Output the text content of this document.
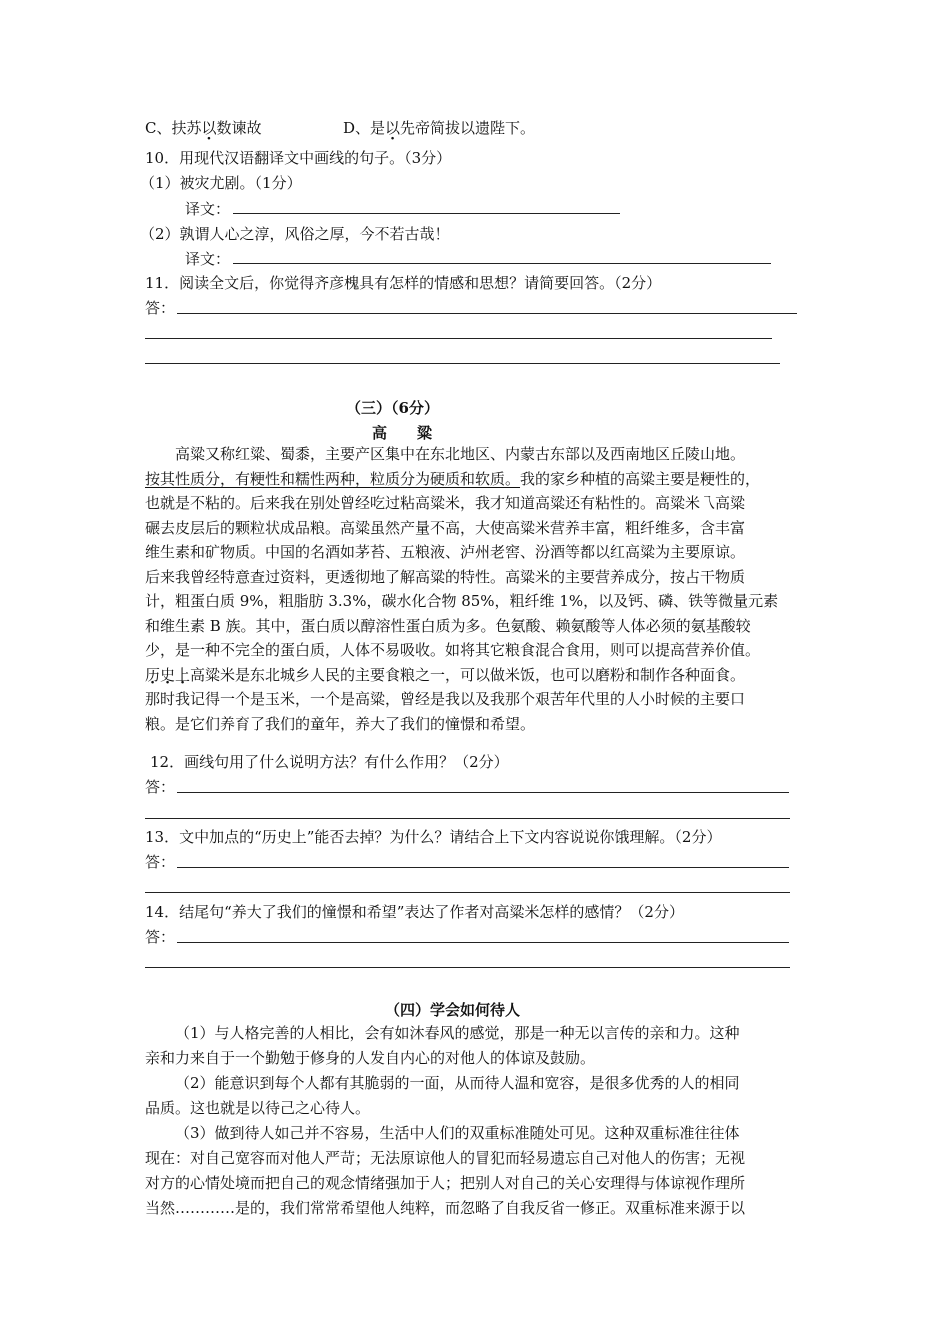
C、扶苏以数谏故	D、是以先帝简拔以遗陛下。
10．用现代汉语翻译文中画线的句子。（3分）
（1）被灾尤剧。（1分）
译文：
（2）孰谓人心之淳，风俗之厚，今不若古哉！
译文：
11．阅读全文后，你觉得齐彦槐具有怎样的情感和思想？请简要回答。（2分）
答：
（三）（6分）
高　　粱

高粱又称红粱、蜀黍，主要产区集中在东北地区、内蒙古东部以及西南地区丘陵山地。

按其性质分，有粳性和糯性两种，粒质分为硬质和软质。我的家乡种植的高粱主要是粳性的，

也就是不粘的。后来我在别处曾经吃过粘高粱米，我才知道高粱还有粘性的。高粱米乁高粱

碾去皮层后的颗粒状成品粮。高粱虽然产量不高，大使高粱米营养丰富，粗纤维多，含丰富

维生素和矿物质。中国的名酒如茅苔、五粮液、泸州老窖、汾酒等都以红高粱为主要原谅。

后来我曾经特意查过资料，更透彻地了解高粱的特性。高粱米的主要营养成分，按占干物质

计，粗蛋白质 9%，粗脂肪 3.3%，碳水化合物 85%，粗纤维 1%，以及钙、磷、铁等微量元素

和维生素 B 族。其中，蛋白质以醇溶性蛋白质为多。色氨酸、赖氨酸等人体必须的氨基酸较

少，是一种不完全的蛋白质，人体不易吸收。如将其它粮食混合食用，则可以提高营养价值。

历史上高粱米是东北城乡人民的主要食粮之一，可以做米饭，也可以磨粉和制作各种面食。

那时我记得一个是玉米，一个是高粱，曾经是我以及我那个艰苦年代里的人小时候的主要口

粮。是它们养育了我们的童年，养大了我们的憧憬和希望。

12．画线句用了什么说明方法？有什么作用？（2分）
答：
13．文中加点的“历史上”能否去掉？为什么？请结合上下文内容说说你饿理解。（2分）
答：
14．结尾句“养大了我们的憧憬和希望”表达了作者对高粱米怎样的感情？（2分）
答：
（四）学会如何待人

（1）与人格完善的人相比，会有如沐春风的感觉，那是一种无以言传的亲和力。这种

亲和力来自于一个勤勉于修身的人发自内心的对他人的体谅及鼓励。

（2）能意识到每个人都有其脆弱的一面，从而待人温和宽容，是很多优秀的人的相同

品质。这也就是以待己之心待人。

（3）做到待人如己并不容易，生活中人们的双重标准随处可见。这种双重标准往往体

现在：对自己宽容而对他人严苛；无法原谅他人的冒犯而轻易遗忘自己对他人的伤害；无视

对方的心情处境而把自己的观念情绪强加于人；把别人对自己的关心安理得与体谅视作理所

当然…………是的，我们常常希望他人纯粹，而忽略了自我反省一修正。双重标准来源于以
